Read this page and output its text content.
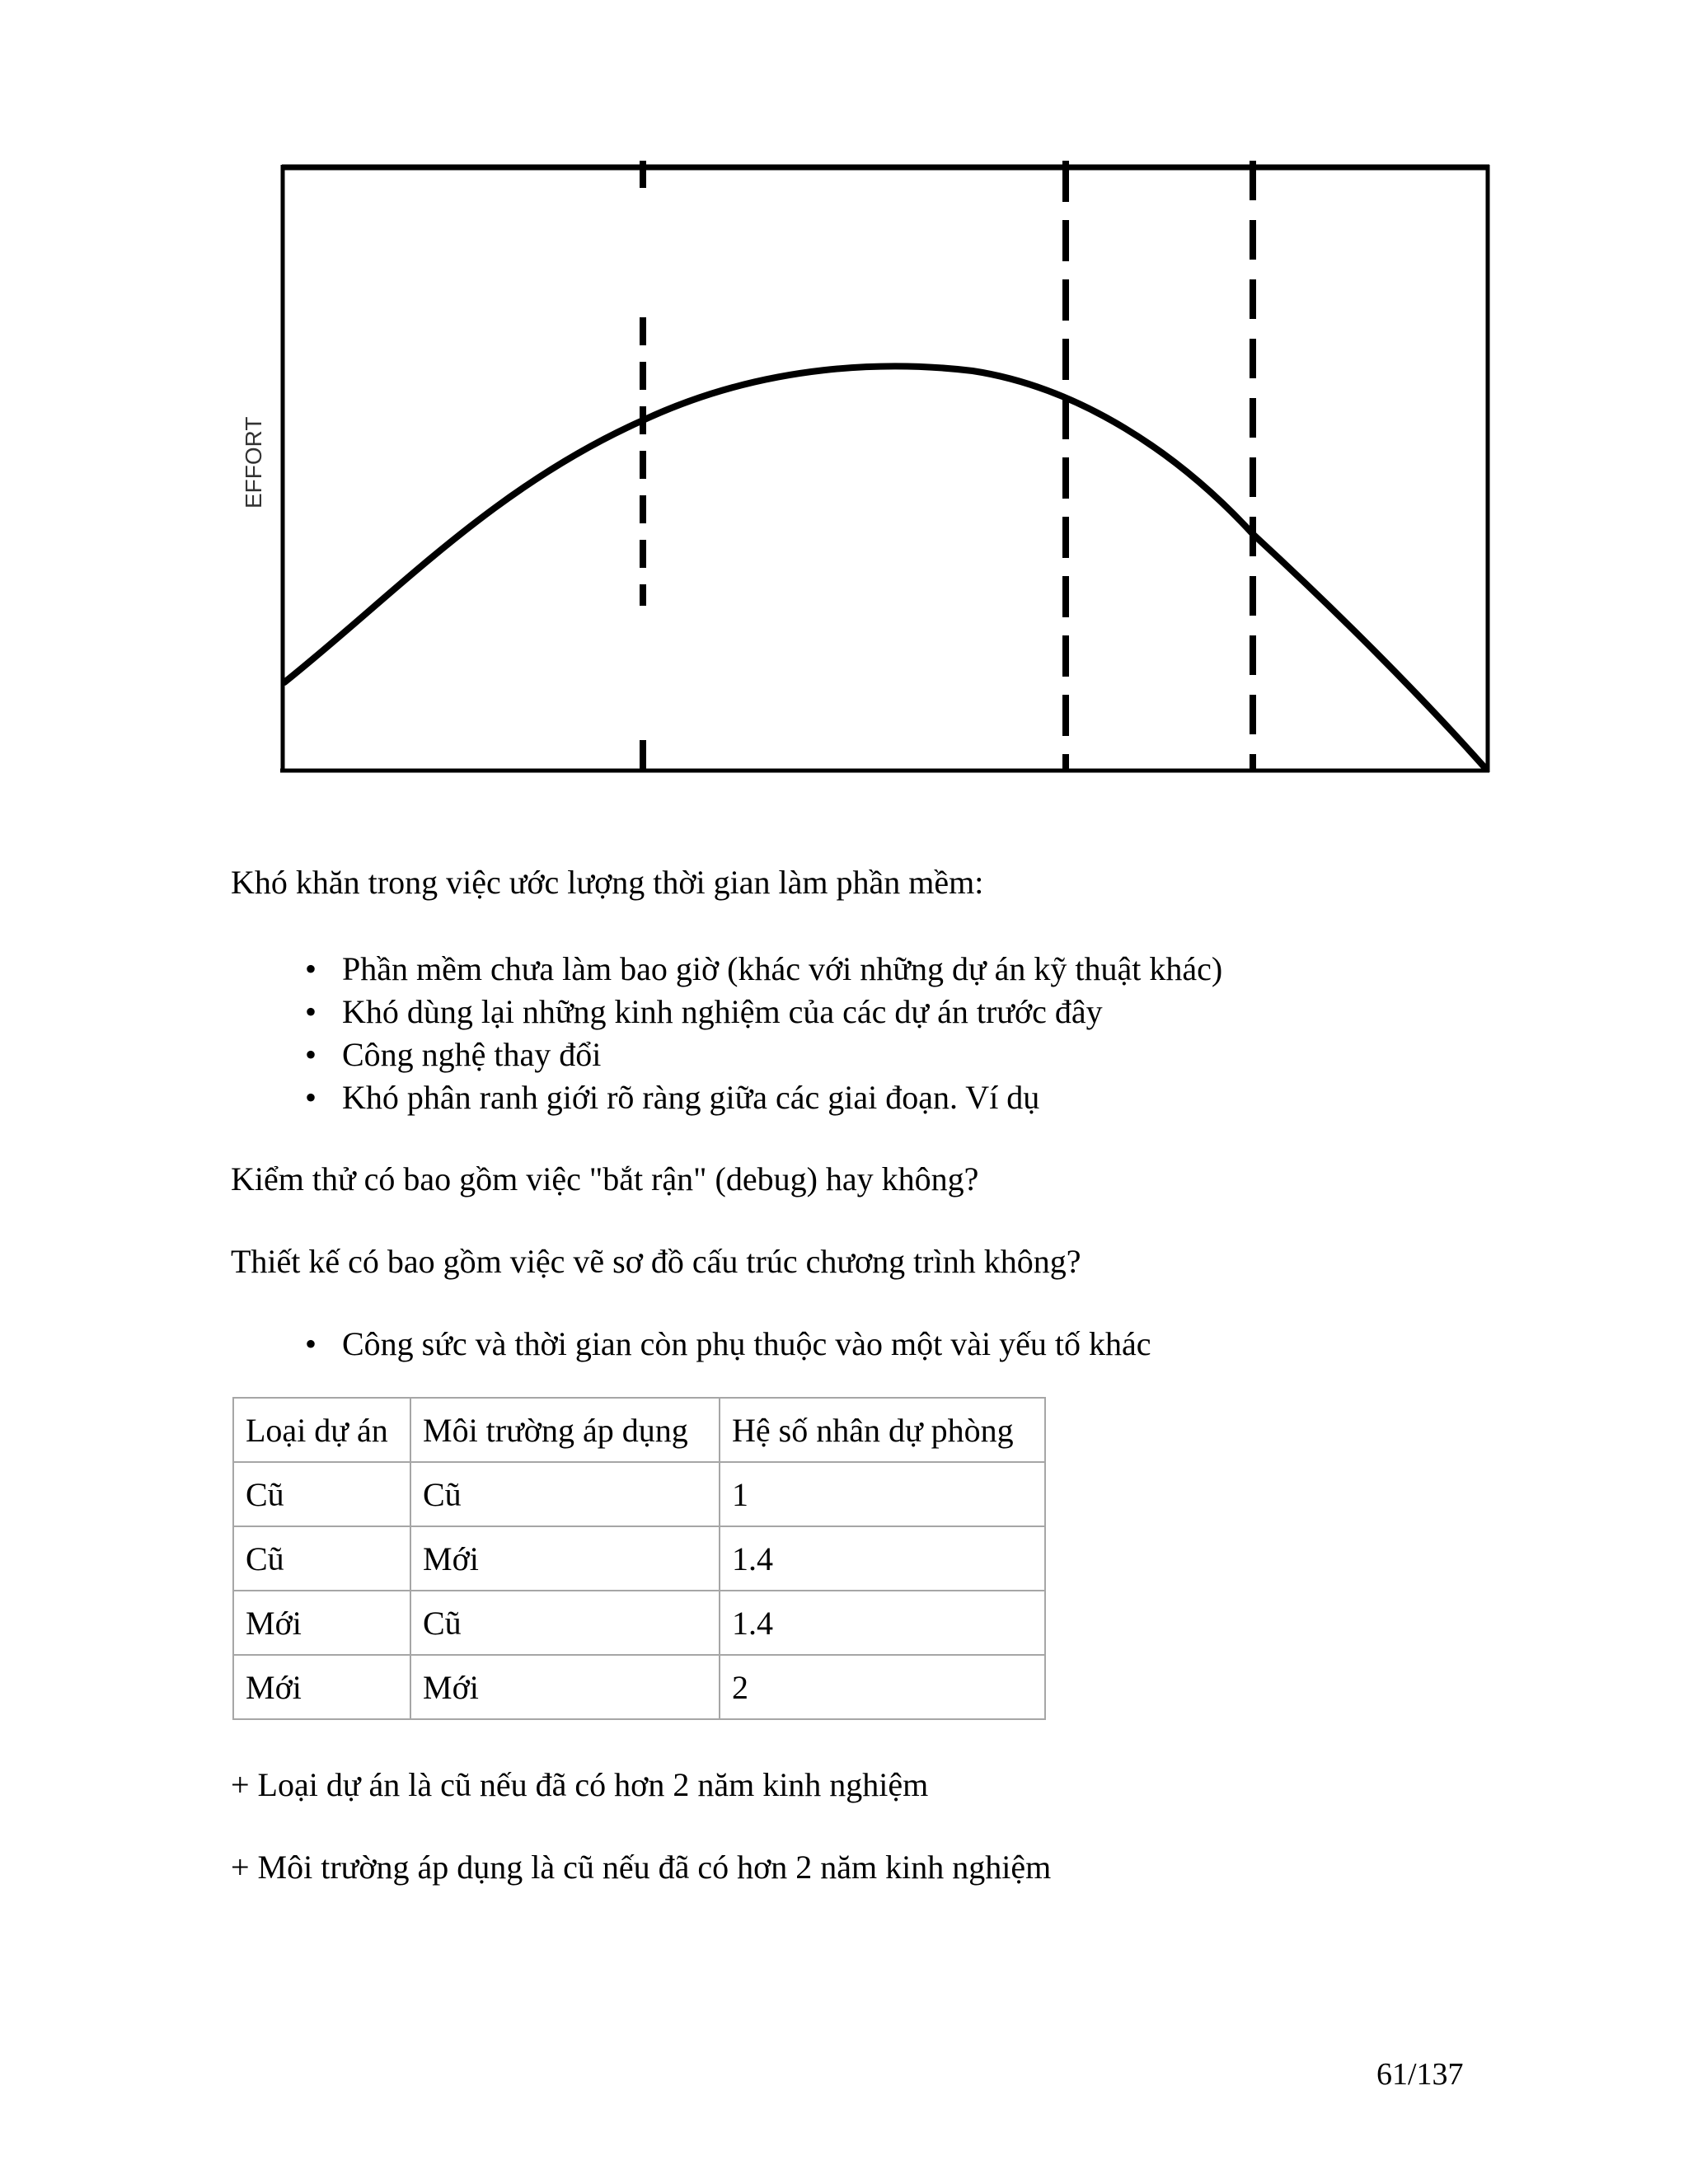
EFFORT

Khó khăn trong việc ước lượng thời gian làm phần mềm:

• Phần mềm chưa làm bao giờ (khác với những dự án kỹ thuật khác)
• Khó dùng lại những kinh nghiệm của các dự án trước đây
• Công nghệ thay đổi
• Khó phân ranh giới rõ ràng giữa các giai đoạn. Ví dụ

Kiểm thử có bao gồm việc "bắt rận" (debug) hay không?

Thiết kế có bao gồm việc vẽ sơ đồ cấu trúc chương trình không?

• Công sức và thời gian còn phụ thuộc vào một vài yếu tố khác
Loại dự án	Môi trường áp dụng	Hệ số nhân dự phòng
Cũ	Cũ	1
Cũ	Mới	1.4
Mới	Cũ	1.4
Mới	Mới	2

+ Loại dự án là cũ nếu đã có hơn 2 năm kinh nghiệm

+ Môi trường áp dụng là cũ nếu đã có hơn 2 năm kinh nghiệm

61/137
